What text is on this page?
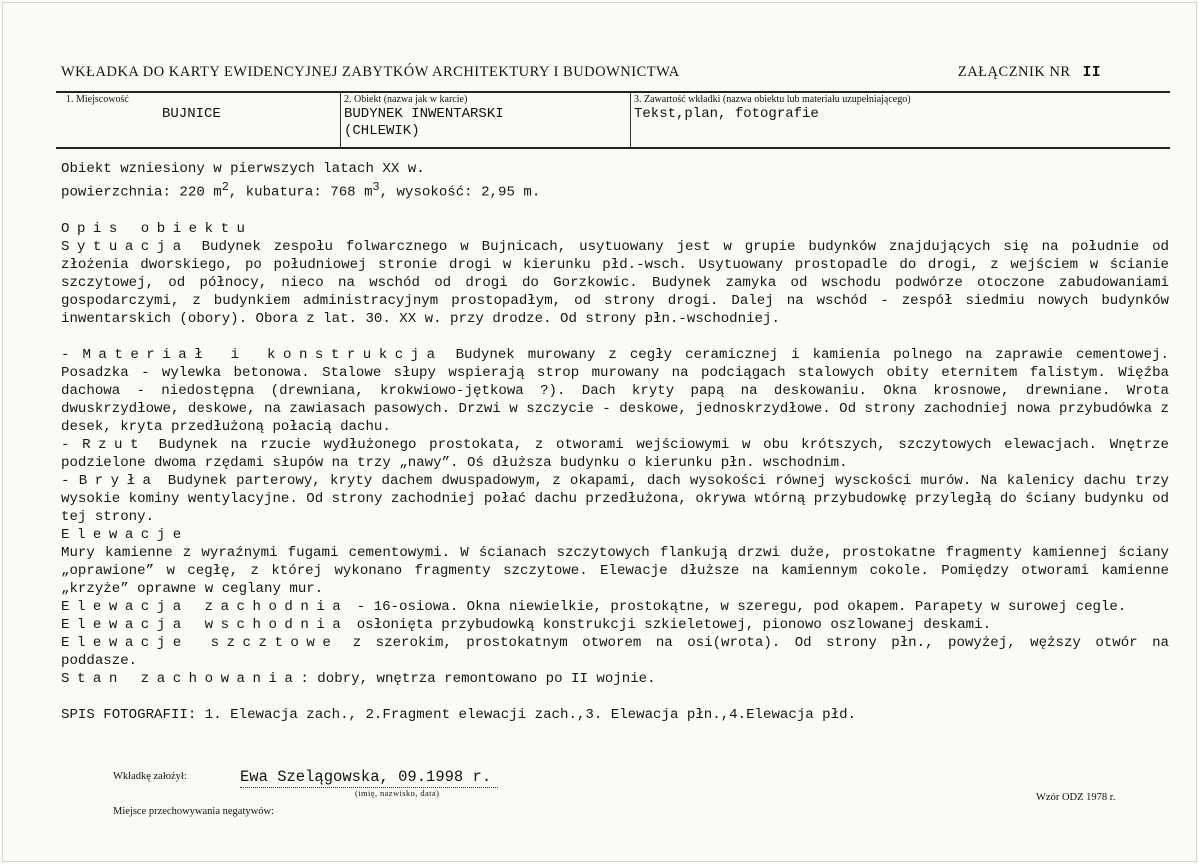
WKŁADKA DO KARTY EWIDENCYJNEJ ZABYTKÓW ARCHITEKTURY I BUDOWNICTWA	ZAŁĄCZNIK NR II
1. Miejscowość
BUJNICE
2. Obiekt (nazwa jak w karcie)
BUDYNEK INWENTARSKI
(CHLEWIK)
3. Zawartość wkładki (nazwa obiektu lub materiału uzupełniającego)
Tekst,plan, fotografie

Obiekt wzniesiony w pierwszych latach XX w.

powierzchnia: 220 $m^2$, kubatura: 768 $m^3$, wysokość: 2,95 m.

Opis obiektu

Sytuacja Budynek zespołu folwarcznego w Bujnicach, usytuowany jest w grupie budynków znajdujących się na południe od złożenia dworskiego, po południowej stronie drogi w kierunku płd.-wsch. Usytuowany prostopadle do drogi, z wejściem w ścianie szczytowej, od północy, nieco na wschód od drogi do Gorzkowic. Budynek zamyka od wschodu podwórze otoczone zabudowaniami gospodarczymi, z budynkiem administracyjnym prostopadłym, od strony drogi. Dalej na wschód - zespół siedmiu nowych budynków inwentarskich (obory). Obora z lat. 30. XX w. przy drodze. Od strony płn.-wschodniej.

- Materiał i konstrukcja Budynek murowany z cegły ceramicznej i kamienia polnego na zaprawie cementowej. Posadzka - wylewka betonowa. Stalowe słupy wspierają strop murowany na podciągach stalowych obity eternitem falistym. Więźba dachowa - niedostępna (drewniana, krokwiowo-jętkowa ?). Dach kryty papą na deskowaniu. Okna krosnowe, drewniane. Wrota dwuskrzydłowe, deskowe, na zawiasach pasowych. Drzwi w szczycie - deskowe, jednoskrzydłowe. Od strony zachodniej nowa przybudówka z desek, kryta przedłużoną połacią dachu.

- Rzut Budynek na rzucie wydłużonego prostokata, z otworami wejściowymi w obu krótszych, szczytowych elewacjach. Wnętrze podzielone dwoma rzędami słupów na trzy „nawy”. Oś dłuższa budynku o kierunku płn. wschodnim.

- Bryła Budynek parterowy, kryty dachem dwuspadowym, z okapami, dach wysokości równej wysckości murów. Na kalenicy dachu trzy wysokie kominy wentylacyjne. Od strony zachodniej połać dachu przedłużona, okrywa wtórną przybudowkę przyległą do ściany budynku od tej strony.

Elewacje

Mury kamienne z wyraźnymi fugami cementowymi. W ścianach szczytowych flankują drzwi duże, prostokatne fragmenty kamiennej ściany „oprawione” w cegłę, z której wykonano fragmenty szczytowe. Elewacje dłuższe na kamiennym cokole. Pomiędzy otworami kamienne „krzyże” oprawne w ceglany mur.

Elewacja zachodnia - 16-osiowa. Okna niewielkie, prostokątne, w szeregu, pod okapem. Parapety w surowej cegle.

Elewacja wschodnia osłonięta przybudowką konstrukcji szkieletowej, pionowo oszlowanej deskami.

Elewacje szcztowe z szerokim, prostokatnym otworem na osi(wrota). Od strony płn., powyżej, węższy otwór na poddasze.

Stan zachowania: dobry, wnętrza remontowano po II wojnie.

SPIS FOTOGRAFII: 1. Elewacja zach., 2.Fragment elewacji zach.,3. Elewacja płn.,4.Elewacja płd.

Wkładkę założył:	Ewa Szelągowska, 09.1998 r.
(imię, nazwisko, data)
Miejsce przechowywania negatywów:
Wzór ODZ 1978 r.
